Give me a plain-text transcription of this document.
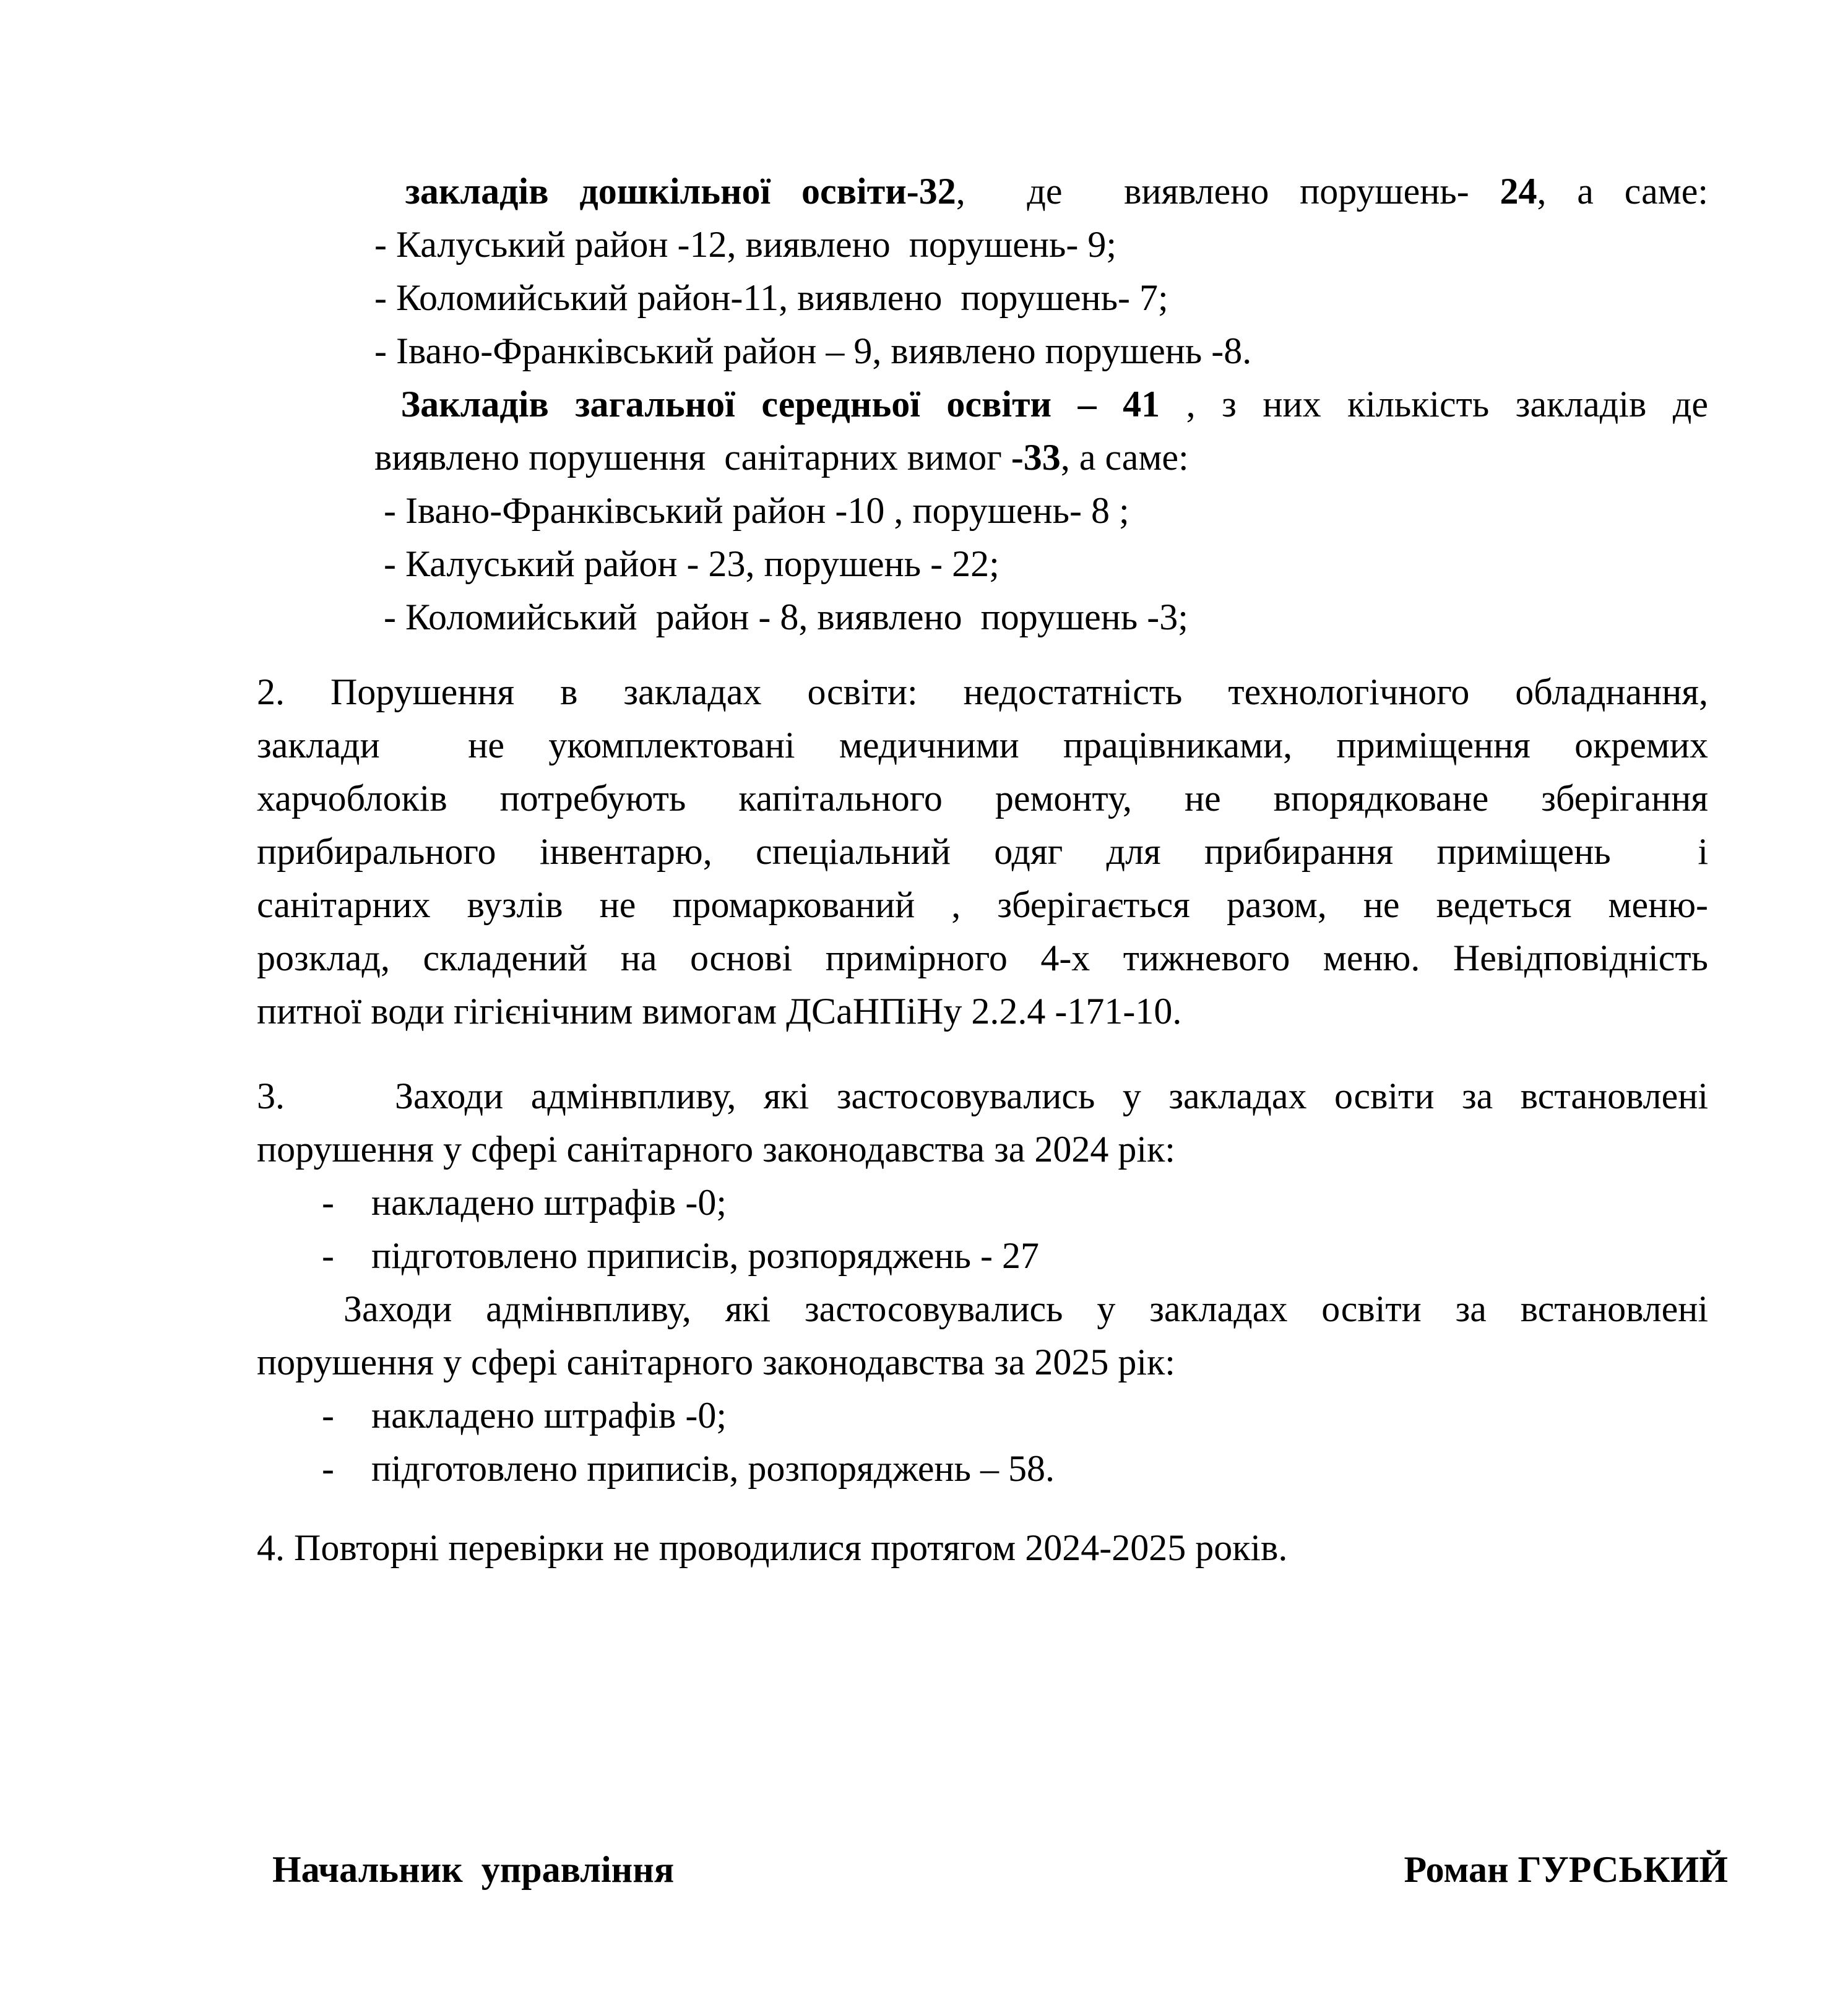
закладів дошкільної освіти-32,  де  виявлено порушень- 24, а саме:
- Калуський район -12, виявлено  порушень- 9;
- Коломийський район-11, виявлено  порушень- 7;
- Івано-Франківський район – 9, виявлено порушень -8.
Закладів загальної середньої освіти – 41 , з них кількість закладів де
виявлено порушення  санітарних вимог -33, а саме:
- Івано-Франківський район -10 , порушень- 8 ;
- Калуський район - 23, порушень - 22;
- Коломийський  район - 8, виявлено  порушень -3;
2. Порушення в закладах освіти: недостатність технологічного обладнання,
заклади  не укомплектовані медичними працівниками, приміщення окремих
харчоблоків потребують капітального ремонту, не впорядковане зберігання
прибирального інвентарю, спеціальний одяг для прибирання приміщень  і
санітарних вузлів не промаркований , зберігається разом, не ведеться меню-
розклад, складений на основі примірного 4-х тижневого меню. Невідповідність
питної води гігієнічним вимогам ДСаНПіНу 2.2.4 -171-10.
3.    Заходи адмінвпливу, які застосовувались у закладах освіти за встановлені
порушення у сфері санітарного законодавства за 2024 рік:
-    накладено штрафів -0;
-    підготовлено приписів, розпоряджень - 27
Заходи адмінвпливу, які застосовувались у закладах освіти за встановлені
порушення у сфері санітарного законодавства за 2025 рік:
-    накладено штрафів -0;
-    підготовлено приписів, розпоряджень – 58.
4. Повторні перевірки не проводилися протягом 2024-2025 років.
Начальник  управління	Роман ГУРСЬКИЙ
